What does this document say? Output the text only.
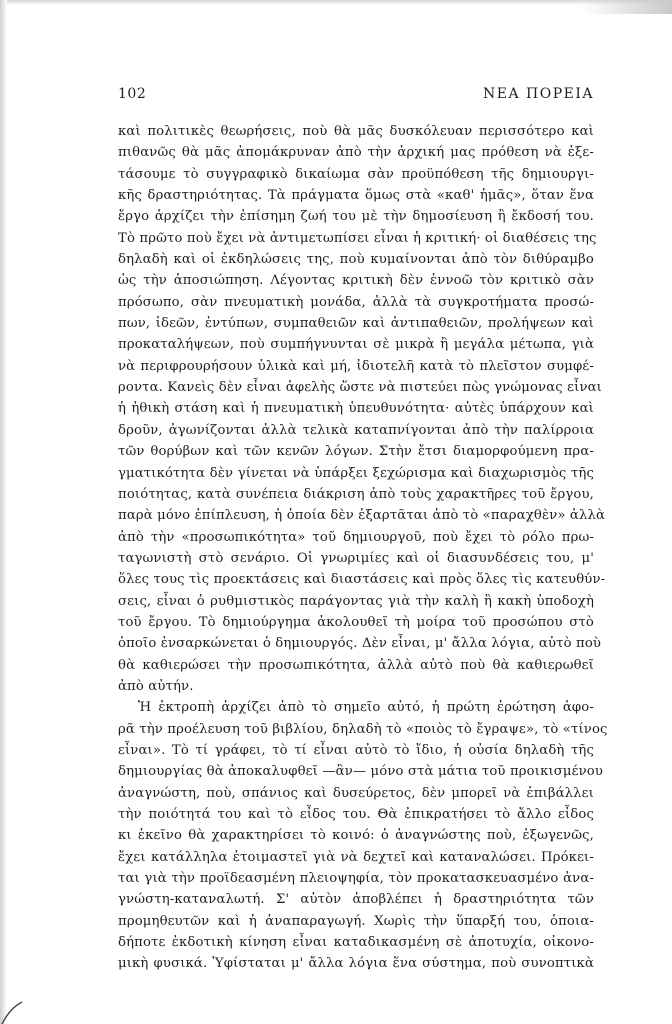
102	ΝΕΑ ΠΟΡΕΙΑ
καὶ πολιτικὲς θεωρήσεις, ποὺ θὰ μᾶς δυσκόλευαν περισσότερο καὶ
πιθανῶς θὰ μᾶς ἀπομάκρυναν ἀπὸ τὴν ἀρχική μας πρόθεση νὰ ἐξε-
τάσουμε τὸ συγγραφικὸ δικαίωμα σὰν προϋπόθεση τῆς δημιουργι-
κῆς δραστηριότητας. Τὰ πράγματα ὅμως στὰ «καθ' ἡμᾶς», ὅταν ἕνα
ἔργο ἀρχίζει τὴν ἐπίσημη ζωή του μὲ τὴν δημοσίευση ἢ ἔκδοσή του.
Τὸ πρῶτο ποὺ ἔχει νὰ ἀντιμετωπίσει εἶναι ἡ κριτική· οἱ διαθέσεις της
δηλαδὴ καὶ οἱ ἐκδηλώσεις της, ποὺ κυμαίνονται ἀπὸ τὸν διθύραμβο
ὡς τὴν ἀποσιώπηση. Λέγοντας κριτικὴ δὲν ἐννοῶ τὸν κριτικὸ σὰν
πρόσωπο, σὰν πνευματικὴ μονάδα, ἀλλὰ τὰ συγκροτήματα προσώ-
πων, ἰδεῶν, ἐντύπων, συμπαθειῶν καὶ ἀντιπαθειῶν, προλήψεων καὶ
προκαταλήψεων, ποὺ συμπήγνυνται σὲ μικρὰ ἢ μεγάλα μέτωπα, γιὰ
νὰ περιφρουρήσουν ὑλικὰ καὶ μή, ἰδιοτελῆ κατὰ τὸ πλεῖστον συμφέ-
ροντα. Κανεὶς δὲν εἶναι ἀφελὴς ὥστε νὰ πιστεύει πὼς γνώμονας εἶναι
ἡ ἠθικὴ στάση καὶ ἡ πνευματικὴ ὑπευθυνότητα· αὐτὲς ὑπάρχουν καὶ
δροῦν, ἀγωνίζονται ἀλλὰ τελικὰ καταπνίγονται ἀπὸ τὴν παλίρροια
τῶν θορύβων καὶ τῶν κενῶν λόγων. Στὴν ἔτσι διαμορφούμενη πρα-
γματικότητα δὲν γίνεται νὰ ὑπάρξει ξεχώρισμα καὶ διαχωρισμὸς τῆς
ποιότητας, κατὰ συνέπεια διάκριση ἀπὸ τοὺς χαρακτῆρες τοῦ ἔργου,
παρὰ μόνο ἐπίπλευση, ἡ ὁποία δὲν ἐξαρτᾶται ἀπὸ τὸ «παραχθὲν» ἀλλὰ
ἀπὸ τὴν «προσωπικότητα» τοῦ δημιουργοῦ, ποὺ ἔχει τὸ ρόλο πρω-
ταγωνιστὴ στὸ σενάριο. Οἱ γνωριμίες καὶ οἱ διασυνδέσεις του, μ'
ὅλες τους τὶς προεκτάσεις καὶ διαστάσεις καὶ πρὸς ὅλες τὶς κατευθύν-
σεις, εἶναι ὁ ρυθμιστικὸς παράγοντας γιὰ τὴν καλὴ ἢ κακὴ ὑποδοχὴ
τοῦ ἔργου. Τὸ δημιούργημα ἀκολουθεῖ τὴ μοίρα τοῦ προσώπου στὸ
ὁποῖο ἐνσαρκώνεται ὁ δημιουργός. Δὲν εἶναι, μ' ἄλλα λόγια, αὐτὸ ποὺ
θὰ καθιερώσει τὴν προσωπικότητα, ἀλλὰ αὐτὸ ποὺ θὰ καθιερωθεῖ
ἀπὸ αὐτήν.
Ἡ ἐκτροπὴ ἀρχίζει ἀπὸ τὸ σημεῖο αὐτό, ἡ πρώτη ἐρώτηση ἀφο-
ρᾶ τὴν προέλευση τοῦ βιβλίου, δηλαδὴ τὸ «ποιὸς τὸ ἔγραψε», τὸ «τίνος
εἶναι». Τὸ τί γράφει, τὸ τί εἶναι αὐτὸ τὸ ἴδιο, ἡ οὐσία δηλαδὴ τῆς
δημιουργίας θὰ ἀποκαλυφθεῖ —ἂν— μόνο στὰ μάτια τοῦ προικισμένου
ἀναγνώστη, ποὺ, σπάνιος καὶ δυσεύρετος, δὲν μπορεῖ νὰ ἐπιβάλλει
τὴν ποιότητά του καὶ τὸ εἶδος του. Θὰ ἐπικρατήσει τὸ ἄλλο εἶδος
κι ἐκεῖνο θὰ χαρακτηρίσει τὸ κοινό: ὁ ἀναγνώστης ποὺ, ἐξωγενῶς,
ἔχει κατάλληλα ἑτοιμαστεῖ γιὰ νὰ δεχτεῖ καὶ καταναλώσει. Πρόκει-
ται γιὰ τὴν προϊδεασμένη πλειοψηφία, τὸν προκατασκευασμένο ἀνα-
γνώστη-καταναλωτή. Σ' αὐτὸν ἀποβλέπει ἡ δραστηριότητα τῶν
προμηθευτῶν καὶ ἡ ἀναπαραγωγή. Χωρὶς τὴν ὕπαρξή του, ὁποια-
δήποτε ἐκδοτικὴ κίνηση εἶναι καταδικασμένη σὲ ἀποτυχία, οἰκονο-
μικὴ φυσικά. Ὑφίσταται μ' ἄλλα λόγια ἕνα σύστημα, ποὺ συνοπτικὰ
